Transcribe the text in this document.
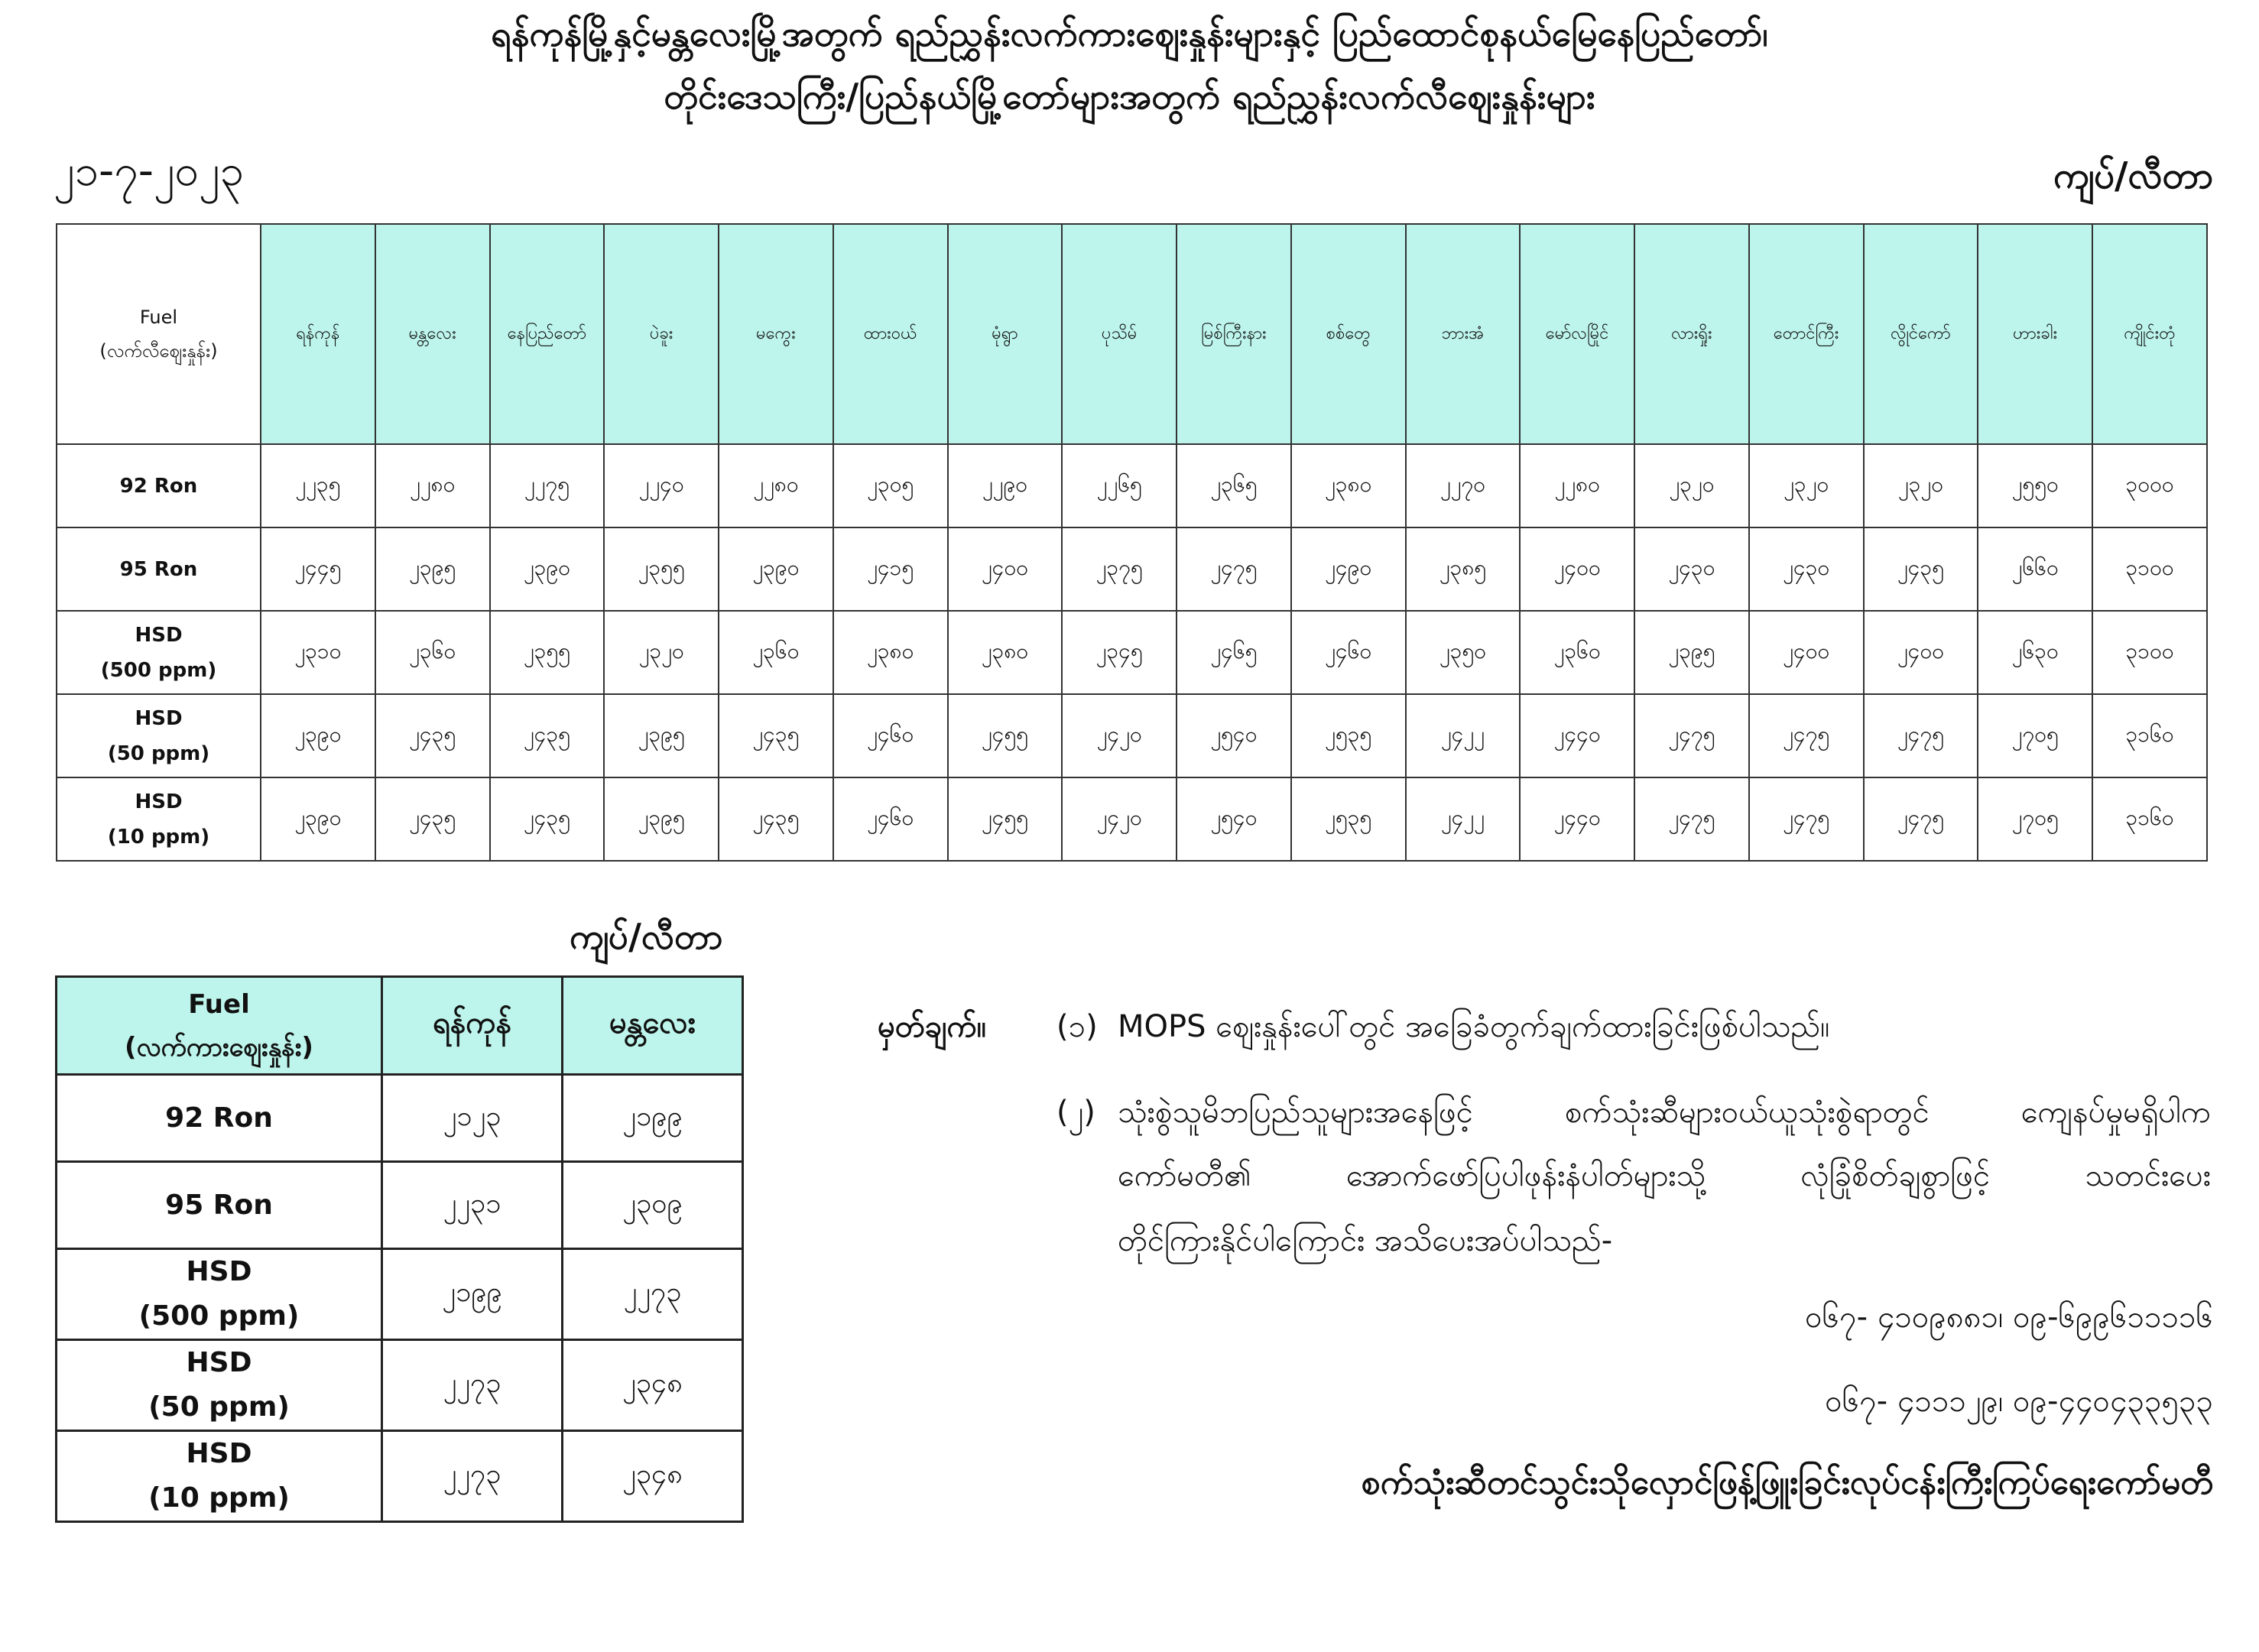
ရန်ကုန်မြို့နှင့်မန္တလေးမြို့အတွက် ရည်ညွှန်းလက်ကားဈေးနှုန်းများနှင့် ပြည်ထောင်စုနယ်မြေနေပြည်တော်၊
တိုင်းဒေသကြီး/ပြည်နယ်မြို့တော်များအတွက် ရည်ညွှန်းလက်လီဈေးနှုန်းများ
၂၁-၇-၂၀၂၃	ကျပ်/လီတာ
Fuel
(လက်လီဈေးနှုန်း)	ရန်ကုန်	မန္တလေး	နေပြည်တော်	ပဲခူး	မကွေး	ထားဝယ်	မုံရွာ	ပုသိမ်	မြစ်ကြီးနား	စစ်တွေ	ဘားအံ	မော်လမြိုင်	လားရှိုး	တောင်ကြီး	လွိုင်ကော်	ဟားခါး	ကျိုင်းတုံ

92 Ron	၂၂၃၅	၂၂၈၀	၂၂၇၅	၂၂၄၀	၂၂၈၀	၂၃၀၅	၂၂၉၀	၂၂၆၅	၂၃၆၅	၂၃၈၀	၂၂၇၀	၂၂၈၀	၂၃၂၀	၂၃၂၀	၂၃၂၀	၂၅၅၀	၃၀၀၀

95 Ron	၂၄၄၅	၂၃၉၅	၂၃၉၀	၂၃၅၅	၂၃၉၀	၂၄၁၅	၂၄၀၀	၂၃၇၅	၂၄၇၅	၂၄၉၀	၂၃၈၅	၂၄၀၀	၂၄၃၀	၂၄၃၀	၂၄၃၅	၂၆၆၀	၃၁၀၀

HSD
(500 ppm)	၂၃၁၀	၂၃၆၀	၂၃၅၅	၂၃၂၀	၂၃၆၀	၂၃၈၀	၂၃၈၀	၂၃၄၅	၂၄၆၅	၂၄၆၀	၂၃၅၀	၂၃၆၀	၂၃၉၅	၂၄၀၀	၂၄၀၀	၂၆၃၀	၃၁၀၀

HSD
(50 ppm)	၂၃၉၀	၂၄၃၅	၂၄၃၅	၂၃၉၅	၂၄၃၅	၂၄၆၀	၂၄၅၅	၂၄၂၀	၂၅၄၀	၂၅၃၅	၂၄၂၂	၂၄၄၀	၂၄၇၅	၂၄၇၅	၂၄၇၅	၂၇၀၅	၃၁၆၀

HSD
(10 ppm)	၂၃၉၀	၂၄၃၅	၂၄၃၅	၂၃၉၅	၂၄၃၅	၂၄၆၀	၂၄၅၅	၂၄၂၀	၂၅၄၀	၂၅၃၅	၂၄၂၂	၂၄၄၀	၂၄၇၅	၂၄၇၅	၂၄၇၅	၂၇၀၅	၃၁၆၀
ကျပ်/လီတာ
Fuel
(လက်ကားဈေးနှုန်း)	ရန်ကုန်	မန္တလေး

92 Ron	၂၁၂၃	၂၁၉၉

95 Ron	၂၂၃၁	၂၃၀၉

HSD
(500 ppm)	၂၁၉၉	၂၂၇၃

HSD
(50 ppm)	၂၂၇၃	၂၃၄၈

HSD
(10 ppm)	၂၂၇၃	၂၃၄၈
မှတ်ချက်။ (၁) MOPS ဈေးနှုန်းပေါ်တွင် အခြေခံတွက်ချက်ထားခြင်းဖြစ်ပါသည်။
(၂) သုံးစွဲသူမိဘပြည်သူများအနေဖြင့် စက်သုံးဆီများဝယ်ယူသုံးစွဲရာတွင် ကျေနပ်မှုမရှိပါက
ကော်မတီ၏ အောက်ဖော်ပြပါဖုန်းနံပါတ်များသို့ လုံခြုံစိတ်ချစွာဖြင့် သတင်းပေး
တိုင်ကြားနိုင်ပါကြောင်း အသိပေးအပ်ပါသည်-
၀၆၇- ၄၁၀၉၈၈၁၊ ၀၉-၆၉၉၆၁၁၁၁၆
၀၆၇- ၄၁၁၁၂၉၊ ၀၉-၄၄၀၄၃၃၅၃၃
စက်သုံးဆီတင်သွင်းသိုလှောင်ဖြန့်ဖြူးခြင်းလုပ်ငန်းကြီးကြပ်ရေးကော်မတီ
